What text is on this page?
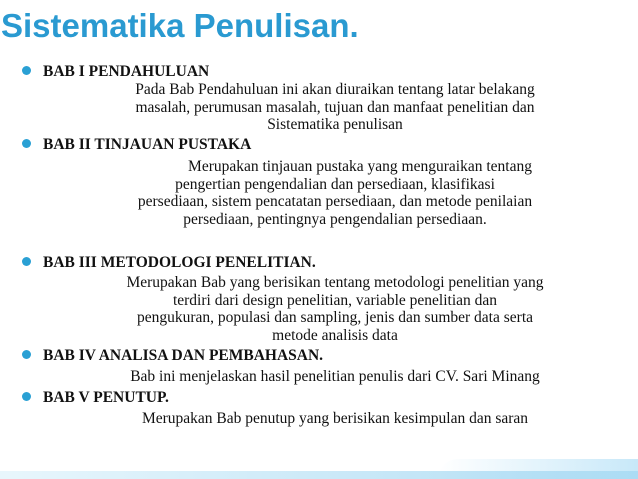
Sistematika Penulisan.
BAB I PENDAHULUAN
Pada Bab Pendahuluan ini akan diuraikan tentang latar belakang
masalah, perumusan masalah, tujuan dan manfaat penelitian dan
Sistematika penulisan
BAB II TINJAUAN PUSTAKA
Merupakan tinjauan pustaka yang menguraikan tentang
pengertian pengendalian dan persediaan, klasifikasi
persediaan, sistem pencatatan persediaan, dan metode penilaian
persediaan, pentingnya pengendalian persediaan.
BAB III METODOLOGI PENELITIAN.
Merupakan Bab yang berisikan tentang metodologi penelitian yang
terdiri dari design penelitian, variable penelitian dan
pengukuran, populasi dan sampling, jenis dan sumber data serta
metode analisis data
BAB IV ANALISA DAN PEMBAHASAN.
Bab ini menjelaskan hasil penelitian penulis dari CV. Sari Minang
BAB V PENUTUP.
Merupakan Bab penutup yang berisikan kesimpulan dan saran
